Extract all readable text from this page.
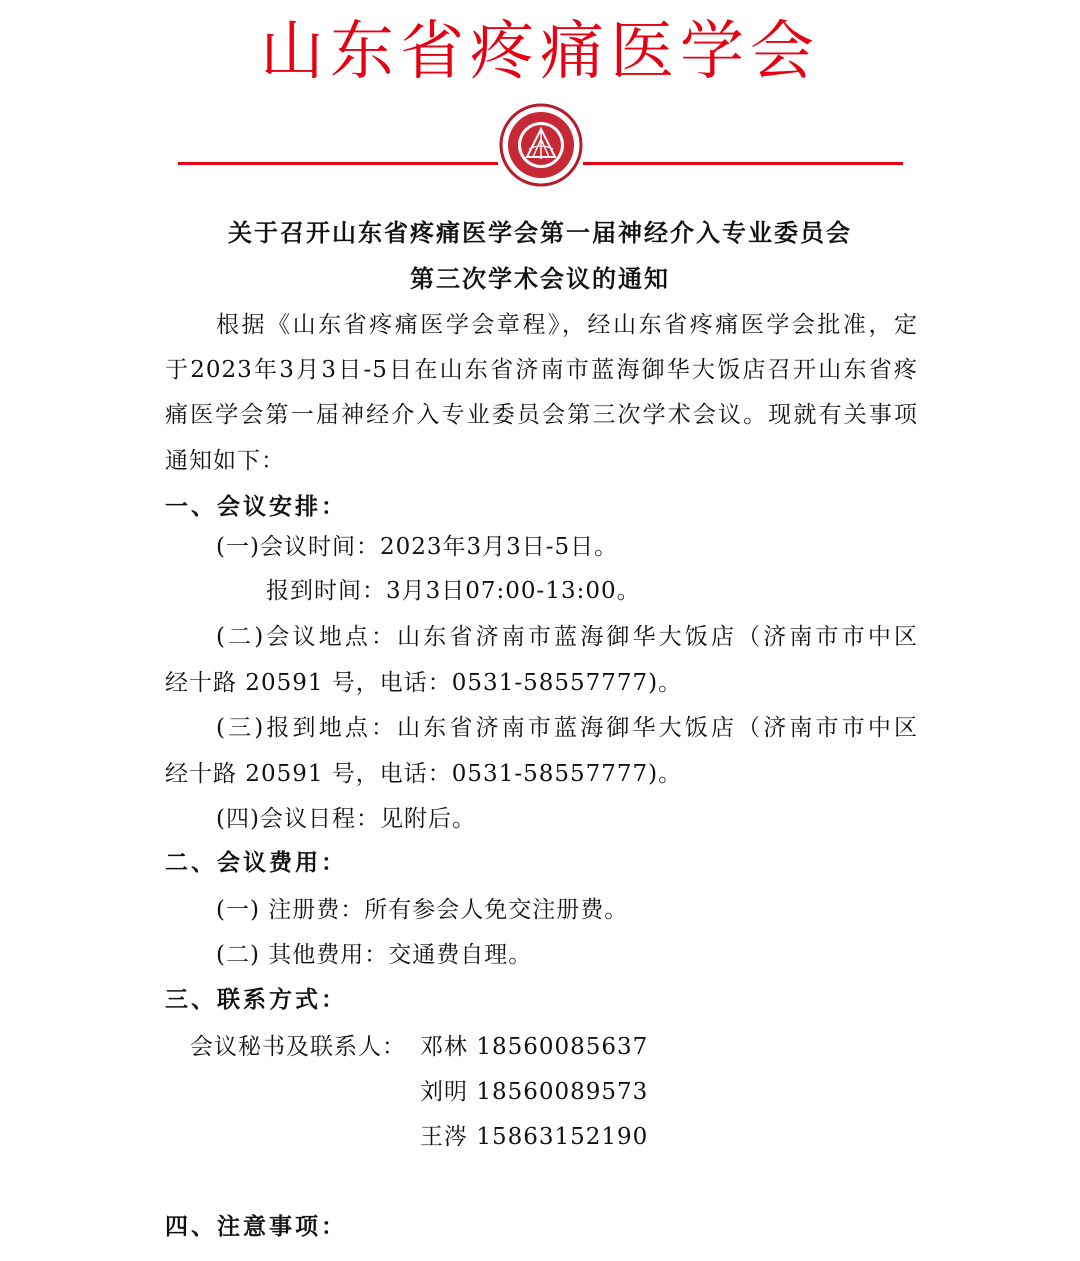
山东省疼痛医学会
关于召开山东省疼痛医学会第一届神经介入专业委员会
第三次学术会议的通知
根据《山东省疼痛医学会章程》，经山东省疼痛医学会批准，定
于2023年3月3日-5日在山东省济南市蓝海御华大饭店召开山东省疼
痛医学会第一届神经介入专业委员会第三次学术会议。现就有关事项
通知如下：
一、会议安排：
(一)会议时间：2023年3月3日-5日。
报到时间：3月3日07:00-13:00。
(二)会议地点：山东省济南市蓝海御华大饭店（济南市市中区
经十路 20591 号，电话：0531-58557777)。
(三)报到地点：山东省济南市蓝海御华大饭店（济南市市中区
经十路 20591 号，电话：0531-58557777)。
(四)会议日程：见附后。
二、会议费用：
(一) 注册费：所有参会人免交注册费。
(二) 其他费用：交通费自理。
三、联系方式：
会议秘书及联系人： 邓林 18560085637
刘明 18560089573
王涔 15863152190
四、注意事项：
